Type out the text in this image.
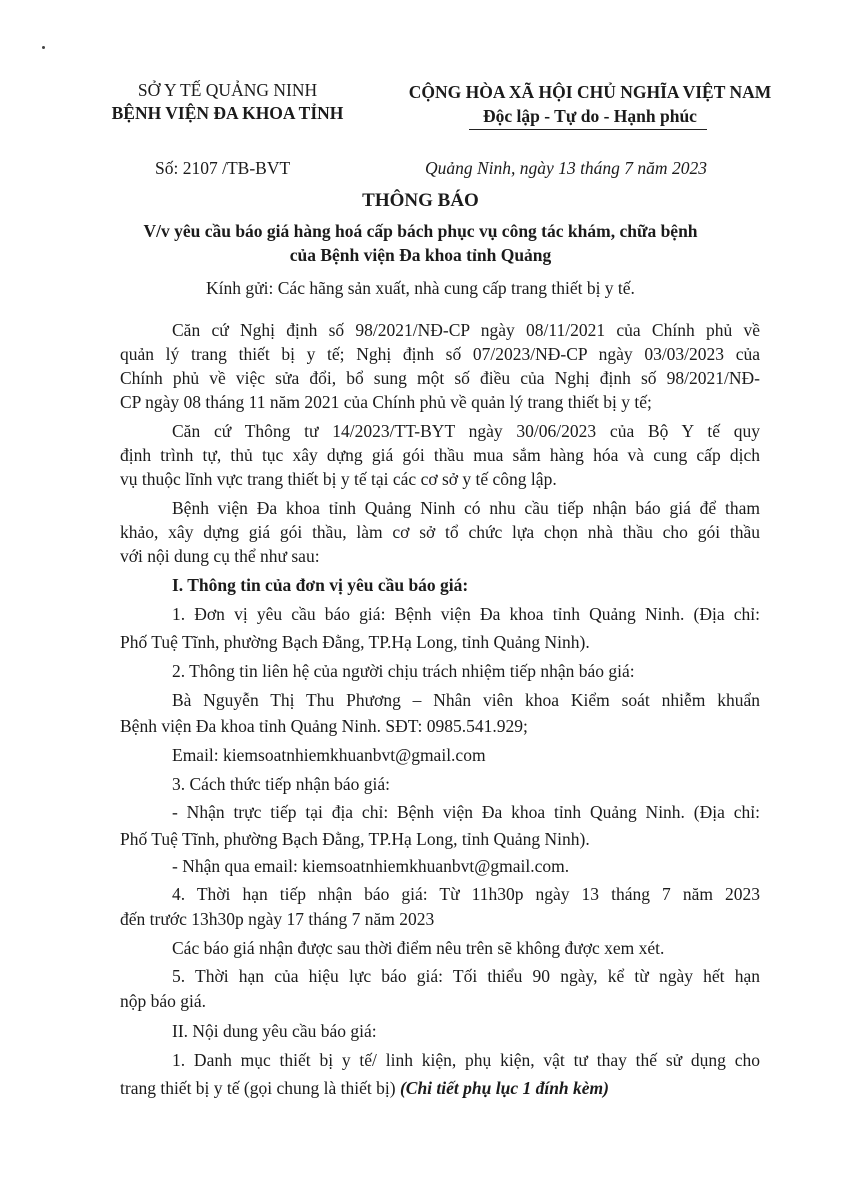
SỞ Y TẾ QUẢNG NINH
BỆNH VIỆN ĐA KHOA TỈNH
CỘNG HÒA XÃ HỘI CHỦ NGHĨA VIỆT NAM
Độc lập - Tự do - Hạnh phúc
Số: 2107 /TB-BVT	Quảng Ninh, ngày 13 tháng 7 năm 2023
THÔNG BÁO
V/v yêu cầu báo giá hàng hoá cấp bách phục vụ công tác khám, chữa bệnh
của Bệnh viện Đa khoa tỉnh Quảng
Kính gửi: Các hãng sản xuất, nhà cung cấp trang thiết bị y tế.
Căn cứ Nghị định số 98/2021/NĐ-CP ngày 08/11/2021 của Chính phủ về
quản lý trang thiết bị y tế; Nghị định số 07/2023/NĐ-CP ngày 03/03/2023 của
Chính phủ về việc sửa đổi, bổ sung một số điều của Nghị định số 98/2021/NĐ-
CP ngày 08 tháng 11 năm 2021 của Chính phủ về quản lý trang thiết bị y tế;
Căn cứ Thông tư 14/2023/TT-BYT ngày 30/06/2023 của Bộ Y tế quy
định trình tự, thủ tục xây dựng giá gói thầu mua sắm hàng hóa và cung cấp dịch
vụ thuộc lĩnh vực trang thiết bị y tế tại các cơ sở y tế công lập.
Bệnh viện Đa khoa tỉnh Quảng Ninh có nhu cầu tiếp nhận báo giá để tham
khảo, xây dựng giá gói thầu, làm cơ sở tổ chức lựa chọn nhà thầu cho gói thầu
với nội dung cụ thể như sau:
I. Thông tin của đơn vị yêu cầu báo giá:
1. Đơn vị yêu cầu báo giá: Bệnh viện Đa khoa tỉnh Quảng Ninh. (Địa chỉ:
Phố Tuệ Tĩnh, phường Bạch Đằng, TP.Hạ Long, tỉnh Quảng Ninh).
2. Thông tin liên hệ của người chịu trách nhiệm tiếp nhận báo giá:
Bà Nguyễn Thị Thu Phương – Nhân viên khoa Kiểm soát nhiễm khuẩn
Bệnh viện Đa khoa tỉnh Quảng Ninh. SĐT: 0985.541.929;
Email: kiemsoatnhiemkhuanbvt@gmail.com
3. Cách thức tiếp nhận báo giá:
- Nhận trực tiếp tại địa chỉ: Bệnh viện Đa khoa tỉnh Quảng Ninh. (Địa chỉ:
Phố Tuệ Tĩnh, phường Bạch Đằng, TP.Hạ Long, tỉnh Quảng Ninh).
- Nhận qua email: kiemsoatnhiemkhuanbvt@gmail.com.
4. Thời hạn tiếp nhận báo giá: Từ 11h30p ngày 13 tháng 7 năm 2023
đến trước 13h30p ngày 17 tháng 7 năm 2023
Các báo giá nhận được sau thời điểm nêu trên sẽ không được xem xét.
5. Thời hạn của hiệu lực báo giá: Tối thiểu 90 ngày, kể từ ngày hết hạn
nộp báo giá.
II. Nội dung yêu cầu báo giá:
1. Danh mục thiết bị y tế/ linh kiện, phụ kiện, vật tư thay thế sử dụng cho
trang thiết bị y tế (gọi chung là thiết bị) (Chi tiết phụ lục 1 đính kèm)
